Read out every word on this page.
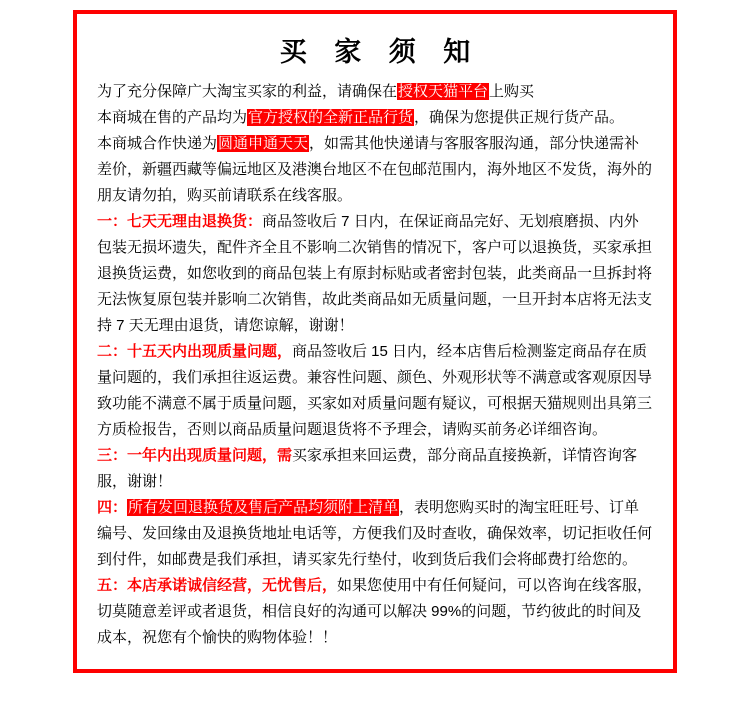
买 家 须 知

为了充分保障广大淘宝买家的利益，请确保在授权天猫平台上购买

本商城在售的产品均为官方授权的全新正品行货，确保为您提供正规行货产品。

本商城合作快递为圆通申通天天，如需其他快递请与客服客服沟通，部分快递需补差价，新疆西藏等偏远地区及港澳台地区不在包邮范围内，海外地区不发货，海外的朋友请勿拍，购买前请联系在线客服。

一：七天无理由退换货：商品签收后 7 日内，在保证商品完好、无划痕磨损、内外包装无损坏遗失，配件齐全且不影响二次销售的情况下，客户可以退换货，买家承担退换货运费，如您收到的商品包装上有原封标贴或者密封包装，此类商品一旦拆封将无法恢复原包装并影响二次销售，故此类商品如无质量问题，一旦开封本店将无法支持 7 天无理由退货，请您谅解，谢谢！

二：十五天内出现质量问题，商品签收后 15 日内，经本店售后检测鉴定商品存在质量问题的，我们承担往返运费。兼容性问题、颜色、外观形状等不满意或客观原因导致功能不满意不属于质量问题，买家如对质量问题有疑议，可根据天猫规则出具第三方质检报告，否则以商品质量问题退货将不予理会，请购买前务必详细咨询。

三：一年内出现质量问题，需买家承担来回运费，部分商品直接换新，详情咨询客服，谢谢！

四：所有发回退换货及售后产品均须附上清单，表明您购买时的淘宝旺旺号、订单编号、发回缘由及退换货地址电话等，方便我们及时查收，确保效率，切记拒收任何到付件，如邮费是我们承担，请买家先行垫付，收到货后我们会将邮费打给您的。

五：本店承诺诚信经营，无忧售后，如果您使用中有任何疑问，可以咨询在线客服，切莫随意差评或者退货，相信良好的沟通可以解决 99%的问题，节约彼此的时间及成本，祝您有个愉快的购物体验！！
